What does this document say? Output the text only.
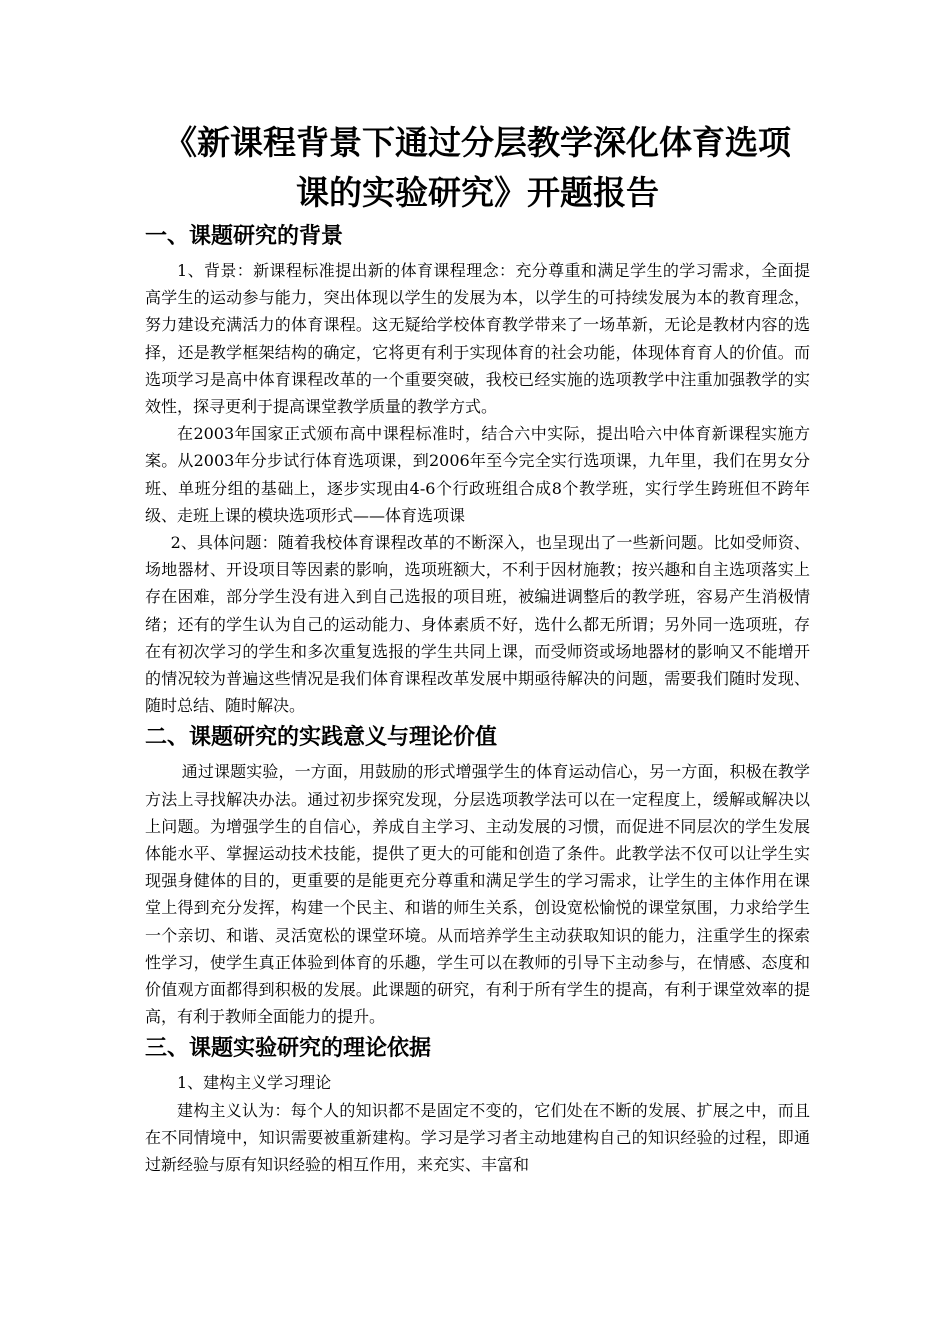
《新课程背景下通过分层教学深化体育选项
课的实验研究》开题报告
一、课题研究的背景

1、背景：新课程标准提出新的体育课程理念：充分尊重和满足学生的学习需求，全面提高学生的运动参与能力，突出体现以学生的发展为本，以学生的可持续发展为本的教育理念，努力建设充满活力的体育课程。这无疑给学校体育教学带来了一场革新，无论是教材内容的选择，还是教学框架结构的确定，它将更有利于实现体育的社会功能，体现体育育人的价值。而选项学习是高中体育课程改革的一个重要突破，我校已经实施的选项教学中注重加强教学的实效性，探寻更利于提高课堂教学质量的教学方式。

在2003年国家正式颁布高中课程标准时，结合六中实际，提出哈六中体育新课程实施方案。从2003年分步试行体育选项课，到2006年至今完全实行选项课，九年里，我们在男女分班、单班分组的基础上，逐步实现由4-6个行政班组合成8个教学班，实行学生跨班但不跨年级、走班上课的模块选项形式——体育选项课

2、具体问题：随着我校体育课程改革的不断深入，也呈现出了一些新问题。比如受师资、场地器材、开设项目等因素的影响，选项班额大，不利于因材施教；按兴趣和自主选项落实上存在困难，部分学生没有进入到自己选报的项目班，被编进调整后的教学班，容易产生消极情绪；还有的学生认为自己的运动能力、身体素质不好，选什么都无所谓；另外同一选项班，存在有初次学习的学生和多次重复选报的学生共同上课，而受师资或场地器材的影响又不能增开的情况较为普遍这些情况是我们体育课程改革发展中期亟待解决的问题，需要我们随时发现、随时总结、随时解决。

二、课题研究的实践意义与理论价值

通过课题实验，一方面，用鼓励的形式增强学生的体育运动信心，另一方面，积极在教学方法上寻找解决办法。通过初步探究发现，分层选项教学法可以在一定程度上，缓解或解决以上问题。为增强学生的自信心，养成自主学习、主动发展的习惯，而促进不同层次的学生发展体能水平、掌握运动技术技能，提供了更大的可能和创造了条件。此教学法不仅可以让学生实现强身健体的目的，更重要的是能更充分尊重和满足学生的学习需求，让学生的主体作用在课堂上得到充分发挥，构建一个民主、和谐的师生关系，创设宽松愉悦的课堂氛围，力求给学生一个亲切、和谐、灵活宽松的课堂环境。从而培养学生主动获取知识的能力，注重学生的探索性学习，使学生真正体验到体育的乐趣，学生可以在教师的引导下主动参与，在情感、态度和价值观方面都得到积极的发展。此课题的研究，有利于所有学生的提高，有利于课堂效率的提高，有利于教师全面能力的提升。

三、课题实验研究的理论依据

1、建构主义学习理论

建构主义认为：每个人的知识都不是固定不变的，它们处在不断的发展、扩展之中，而且在不同情境中，知识需要被重新建构。学习是学习者主动地建构自己的知识经验的过程，即通过新经验与原有知识经验的相互作用，来充实、丰富和
